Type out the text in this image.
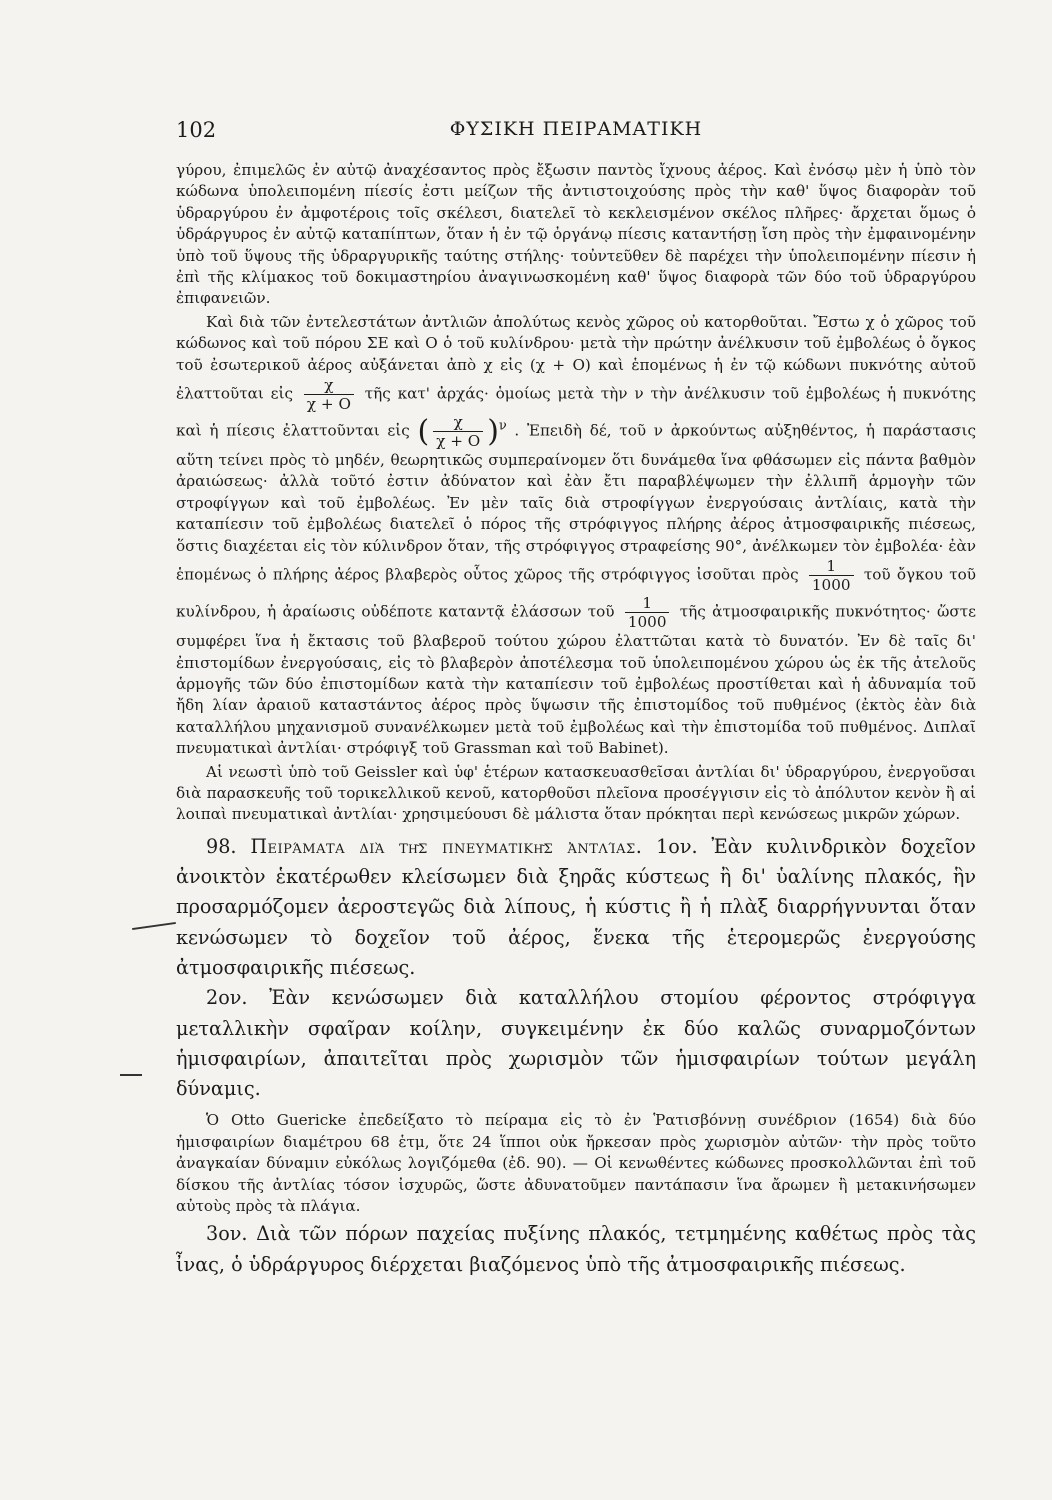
102	ΦΥΣΙΚΗ ΠΕΙΡΑΜΑΤΙΚΗ

γύρου, ἐπιμελῶς ἐν αὐτῷ ἀναχέσαντος πρὸς ἔξωσιν παντὸς ἴχνους ἀέρος. Καὶ ἐνόσῳ μὲν ἡ ὑπὸ τὸν κώδωνα ὑπολειπομένη πίεσίς ἐστι μείζων τῆς ἀντιστοιχούσης πρὸς τὴν καθ' ὕψος διαφορὰν τοῦ ὑδραργύρου ἐν ἀμφοτέροις τοῖς σκέλεσι, διατελεῖ τὸ κεκλεισμένον σκέλος πλῆρες· ἄρχεται ὅμως ὁ ὑδράργυρος ἐν αὐτῷ καταπίπτων, ὅταν ἡ ἐν τῷ ὀργάνῳ πίεσις καταντήσῃ ἴση πρὸς τὴν ἐμφαινομένην ὑπὸ τοῦ ὕψους τῆς ὑδραργυρικῆς ταύτης στήλης· τοὐντεῦθεν δὲ παρέχει τὴν ὑπολειπομένην πίεσιν ἡ ἐπὶ τῆς κλίμακος τοῦ δοκιμαστηρίου ἀναγινωσκομένη καθ' ὕψος διαφορὰ τῶν δύο τοῦ ὑδραργύρου ἐπιφανειῶν.

Καὶ διὰ τῶν ἐντελεστάτων ἀντλιῶν ἀπολύτως κενὸς χῶρος οὐ κατορθοῦται. Ἔστω χ ὁ χῶρος τοῦ κώδωνος καὶ τοῦ πόρου ΣΕ καὶ Ο ὁ τοῦ κυλίνδρου· μετὰ τὴν πρώτην ἀνέλκυσιν τοῦ ἐμβολέως ὁ ὄγκος τοῦ ἐσωτερικοῦ ἀέρος αὐξάνεται ἀπὸ χ εἰς (χ + Ο) καὶ ἑπομένως ἡ ἐν τῷ κώδωνι πυκνότης αὐτοῦ ἐλαττοῦται εἰς $\frac{\chi}{\chi + O}$ τῆς κατ' ἀρχάς· ὁμοίως μετὰ τὴν ν τὴν ἀνέλκυσιν τοῦ ἐμβολέως ἡ πυκνότης καὶ ἡ πίεσις ἐλαττοῦνται εἰς ( $\frac{\chi}{\chi + O} )^\nu$ . Ἐπειδὴ δέ, τοῦ ν ἀρκούντως αὐξηθέντος, ἡ παράστασις αὕτη τείνει πρὸς τὸ μηδέν, θεωρητικῶς συμπεραίνομεν ὅτι δυνάμεθα ἵνα φθάσωμεν εἰς πάντα βαθμὸν ἀραιώσεως· ἀλλὰ τοῦτό ἐστιν ἀδύνατον καὶ ἐὰν ἔτι παραβλέψωμεν τὴν ἐλλιπῆ ἁρμογὴν τῶν στροφίγγων καὶ τοῦ ἐμβολέως. Ἐν μὲν ταῖς διὰ στροφίγγων ἐνεργούσαις ἀντλίαις, κατὰ τὴν καταπίεσιν τοῦ ἐμβολέως διατελεῖ ὁ πόρος τῆς στρόφιγγος πλήρης ἀέρος ἀτμοσφαιρικῆς πιέσεως, ὅστις διαχέεται εἰς τὸν κύλινδρον ὅταν, τῆς στρόφιγγος στραφείσης 90°, ἀνέλκωμεν τὸν ἐμβολέα· ἐὰν ἑπομένως ὁ πλήρης ἀέρος βλαβερὸς οὗτος χῶρος τῆς στρόφιγγος ἰσοῦται πρὸς $\frac{1}{1000}$ τοῦ ὄγκου τοῦ κυλίνδρου, ἡ ἀραίωσις οὐδέποτε καταντᾷ ἐλάσσων τοῦ $\frac{1}{1000}$ τῆς ἀτμοσφαιρικῆς πυκνότητος· ὥστε συμφέρει ἵνα ἡ ἔκτασις τοῦ βλαβεροῦ τούτου χώρου ἐλαττῶται κατὰ τὸ δυνατόν. Ἐν δὲ ταῖς δι' ἐπιστομίδων ἐνεργούσαις, εἰς τὸ βλαβερὸν ἀποτέλεσμα τοῦ ὑπολειπομένου χώρου ὡς ἐκ τῆς ἀτελοῦς ἁρμογῆς τῶν δύο ἐπιστομίδων κατὰ τὴν καταπίεσιν τοῦ ἐμβολέως προστίθεται καὶ ἡ ἀδυναμία τοῦ ἤδη λίαν ἀραιοῦ καταστάντος ἀέρος πρὸς ὕψωσιν τῆς ἐπιστομίδος τοῦ πυθμένος (ἐκτὸς ἐὰν διὰ καταλλήλου μηχανισμοῦ συνανέλκωμεν μετὰ τοῦ ἐμβολέως καὶ τὴν ἐπιστομίδα τοῦ πυθμένος. Διπλαῖ πνευματικαὶ ἀντλίαι· στρόφιγξ τοῦ Grassman καὶ τοῦ Babinet).

Αἱ νεωστὶ ὑπὸ τοῦ Geissler καὶ ὑφ' ἑτέρων κατασκευασθεῖσαι ἀντλίαι δι' ὑδραργύρου, ἐνεργοῦσαι διὰ παρασκευῆς τοῦ τορικελλικοῦ κενοῦ, κατορθοῦσι πλεῖονα προσέγγισιν εἰς τὸ ἀπόλυτον κενὸν ἢ αἱ λοιπαὶ πνευματικαὶ ἀντλίαι· χρησιμεύουσι δὲ μάλιστα ὅταν πρόκηται περὶ κενώσεως μικρῶν χώρων.

98. Πειράματα διὰ τῆς πνευματικῆς ἀντλίας. 1ον. Ἐὰν κυλινδρικὸν δοχεῖον ἀνοικτὸν ἑκατέρωθεν κλείσωμεν διὰ ξηρᾶς κύστεως ἢ δι' ὑαλίνης πλακός, ἣν προσαρμόζομεν ἀεροστεγῶς διὰ λίπους, ἡ κύστις ἢ ἡ πλὰξ διαρρήγνυνται ὅταν κενώσωμεν τὸ δοχεῖον τοῦ ἀέρος, ἕνεκα τῆς ἑτερομερῶς ἐνεργούσης ἀτμοσφαιρικῆς πιέσεως.

2ον. Ἐὰν κενώσωμεν διὰ καταλλήλου στομίου φέροντος στρόφιγγα μεταλλικὴν σφαῖραν κοίλην, συγκειμένην ἐκ δύο καλῶς συναρμοζόντων ἡμισφαιρίων, ἀπαιτεῖται πρὸς χωρισμὸν τῶν ἡμισφαιρίων τούτων μεγάλη δύναμις.

Ὁ Otto Guericke ἐπεδείξατο τὸ πείραμα εἰς τὸ ἐν Ῥατισβόννῃ συνέδριον (1654) διὰ δύο ἡμισφαιρίων διαμέτρου 68 ἑτμ, ὅτε 24 ἵπποι οὐκ ἤρκεσαν πρὸς χωρισμὸν αὐτῶν· τὴν πρὸς τοῦτο ἀναγκαίαν δύναμιν εὐκόλως λογιζόμεθα (ἐδ. 90). — Οἱ κενωθέντες κώδωνες προσκολλῶνται ἐπὶ τοῦ δίσκου τῆς ἀντλίας τόσον ἰσχυρῶς, ὥστε ἀδυνατοῦμεν παντάπασιν ἵνα ἄρωμεν ἢ μετακινήσωμεν αὐτοὺς πρὸς τὰ πλάγια.

3ον. Διὰ τῶν πόρων παχείας πυξίνης πλακός, τετμημένης καθέτως πρὸς τὰς ἶνας, ὁ ὑδράργυρος διέρχεται βιαζόμενος ὑπὸ τῆς ἀτμοσφαιρικῆς πιέσεως.
